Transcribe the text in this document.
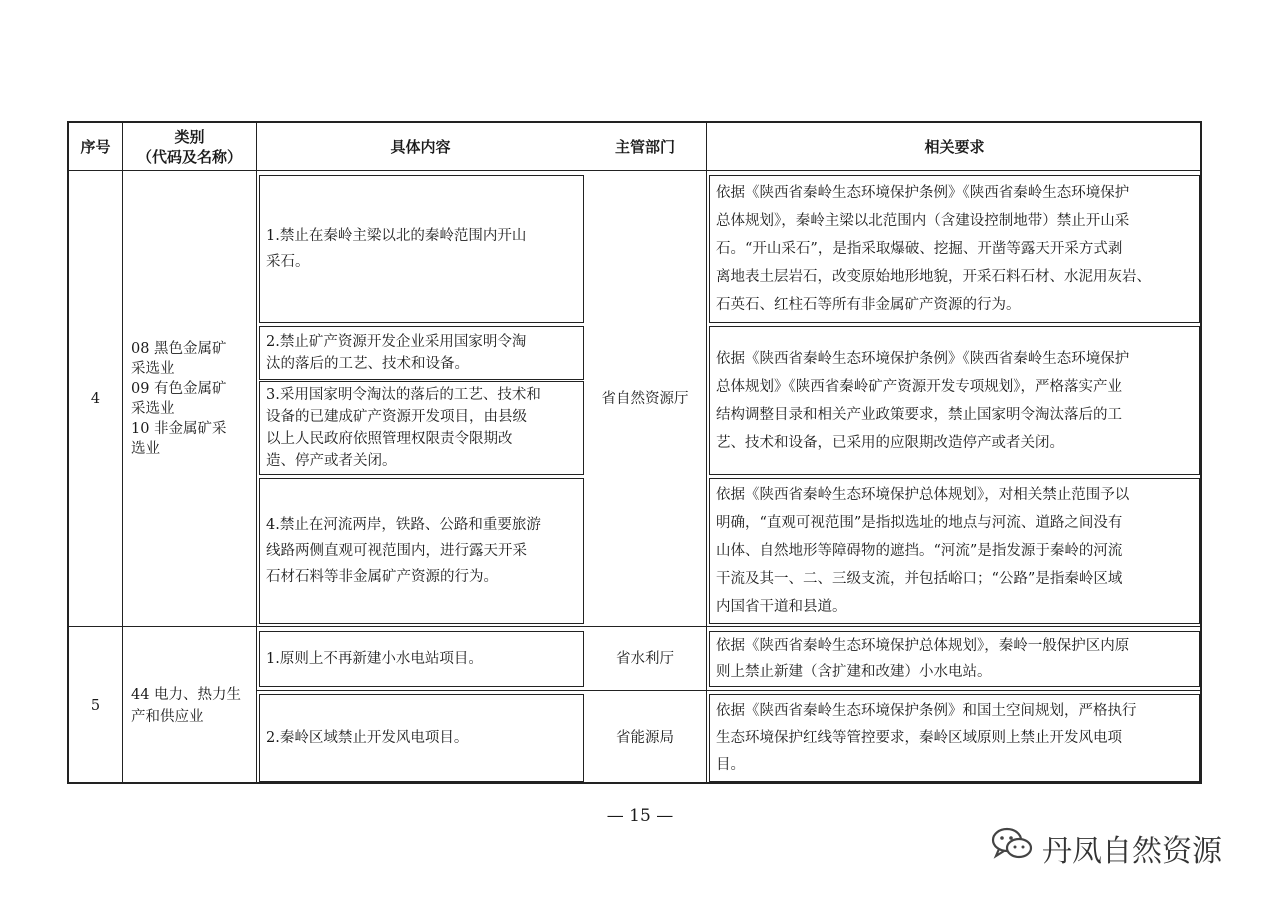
序号
类别
（代码及名称）
具体内容	主管部门	相关要求
4
08 黑色金属矿
采选业
09 有色金属矿
采选业
10 非金属矿采
选业
1.禁止在秦岭主梁以北的秦岭范围内开山
采石。
2.禁止矿产资源开发企业采用国家明令淘
汰的落后的工艺、技术和设备。
3.采用国家明令淘汰的落后的工艺、技术和
设备的已建成矿产资源开发项目，由县级
以上人民政府依照管理权限责令限期改
造、停产或者关闭。
4.禁止在河流两岸，铁路、公路和重要旅游
线路两侧直观可视范围内，进行露天开采
石材石料等非金属矿产资源的行为。
省自然资源厅
依据《陕西省秦岭生态环境保护条例》《陕西省秦岭生态环境保护
总体规划》，秦岭主梁以北范围内（含建设控制地带）禁止开山采
石。“开山采石”，是指采取爆破、挖掘、开凿等露天开采方式剥
离地表土层岩石，改变原始地形地貌，开采石料石材、水泥用灰岩、
石英石、红柱石等所有非金属矿产资源的行为。
依据《陕西省秦岭生态环境保护条例》《陕西省秦岭生态环境保护
总体规划》《陕西省秦岭矿产资源开发专项规划》，严格落实产业
结构调整目录和相关产业政策要求，禁止国家明令淘汰落后的工
艺、技术和设备，已采用的应限期改造停产或者关闭。
依据《陕西省秦岭生态环境保护总体规划》，对相关禁止范围予以
明确，“直观可视范围”是指拟选址的地点与河流、道路之间没有
山体、自然地形等障碍物的遮挡。“河流”是指发源于秦岭的河流
干流及其一、二、三级支流，并包括峪口；“公路”是指秦岭区域
内国省干道和县道。
5
44 电力、热力生
产和供应业
1.原则上不再新建小水电站项目。
2.秦岭区域禁止开发风电项目。
省水利厅
省能源局
依据《陕西省秦岭生态环境保护总体规划》，秦岭一般保护区内原
则上禁止新建（含扩建和改建）小水电站。
依据《陕西省秦岭生态环境保护条例》和国土空间规划，严格执行
生态环境保护红线等管控要求，秦岭区域原则上禁止开发风电项
目。
— 15 —
丹凤自然资源
